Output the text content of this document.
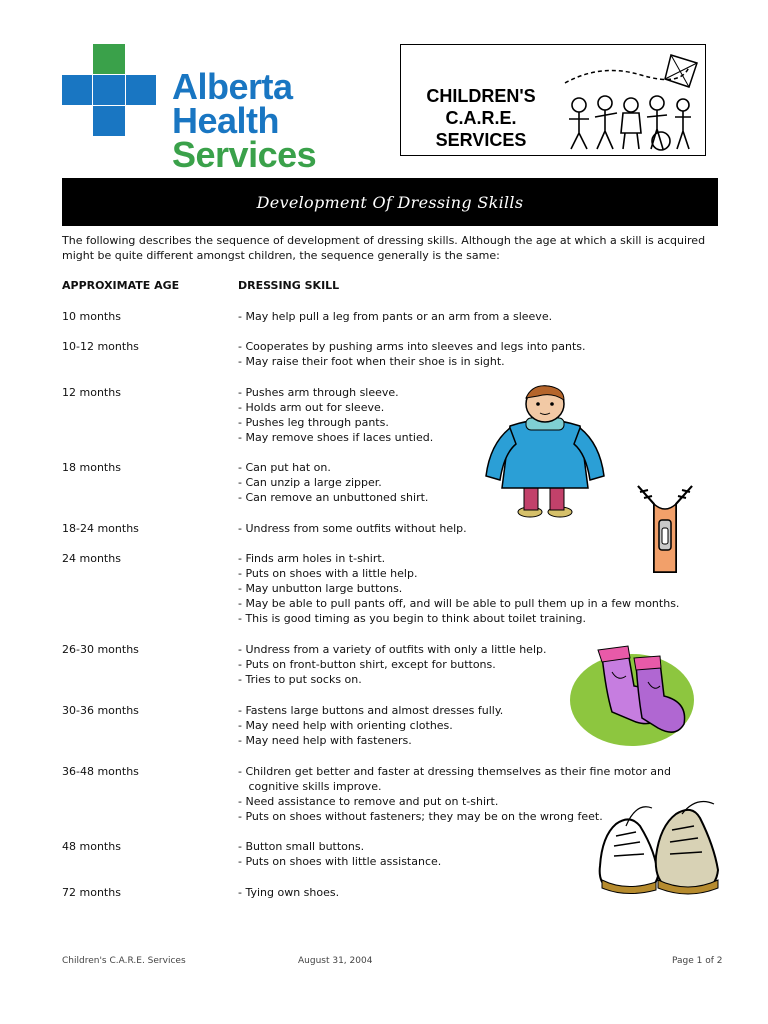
Alberta Health
Services
CHILDREN'S
C.A.R.E.
SERVICES
Development Of Dressing Skills
The following describes the sequence of development of dressing skills. Although the age at which a skill is acquired might be quite different amongst children, the sequence generally is the same:
APPROXIMATE AGE	DRESSING SKILL
10 months	- May help pull a leg from pants or an arm from a sleeve.
10-12 months	- Cooperates by pushing arms into sleeves and legs into pants.
- May raise their foot when their shoe is in sight.
12 months	- Pushes arm through sleeve.
- Holds arm out for sleeve.
- Pushes leg through pants.
- May remove shoes if laces untied.
18 months	- Can put hat on.
- Can unzip a large zipper.
- Can remove an unbuttoned shirt.
18-24 months	- Undress from some outfits without help.
24 months	- Finds arm holes in t-shirt.
- Puts on shoes with a little help.
- May unbutton large buttons.
- May be able to pull pants off, and will be able to pull them up in a few months.
- This is good timing as you begin to think about toilet training.
26-30 months	- Undress from a variety of outfits with only a little help.
- Puts on front-button shirt, except for buttons.
- Tries to put socks on.
30-36 months	- Fastens large buttons and almost dresses fully.
- May need help with orienting clothes.
- May need help with fasteners.
36-48 months	- Children get better and faster at dressing themselves as their fine motor and
cognitive skills improve.
- Need assistance to remove and put on t-shirt.
- Puts on shoes without fasteners; they may be on the wrong feet.
48 months	- Button small buttons.
- Puts on shoes with little assistance.
72 months	- Tying own shoes.
Children's C.A.R.E. Services	August 31, 2004	Page 1 of 2
